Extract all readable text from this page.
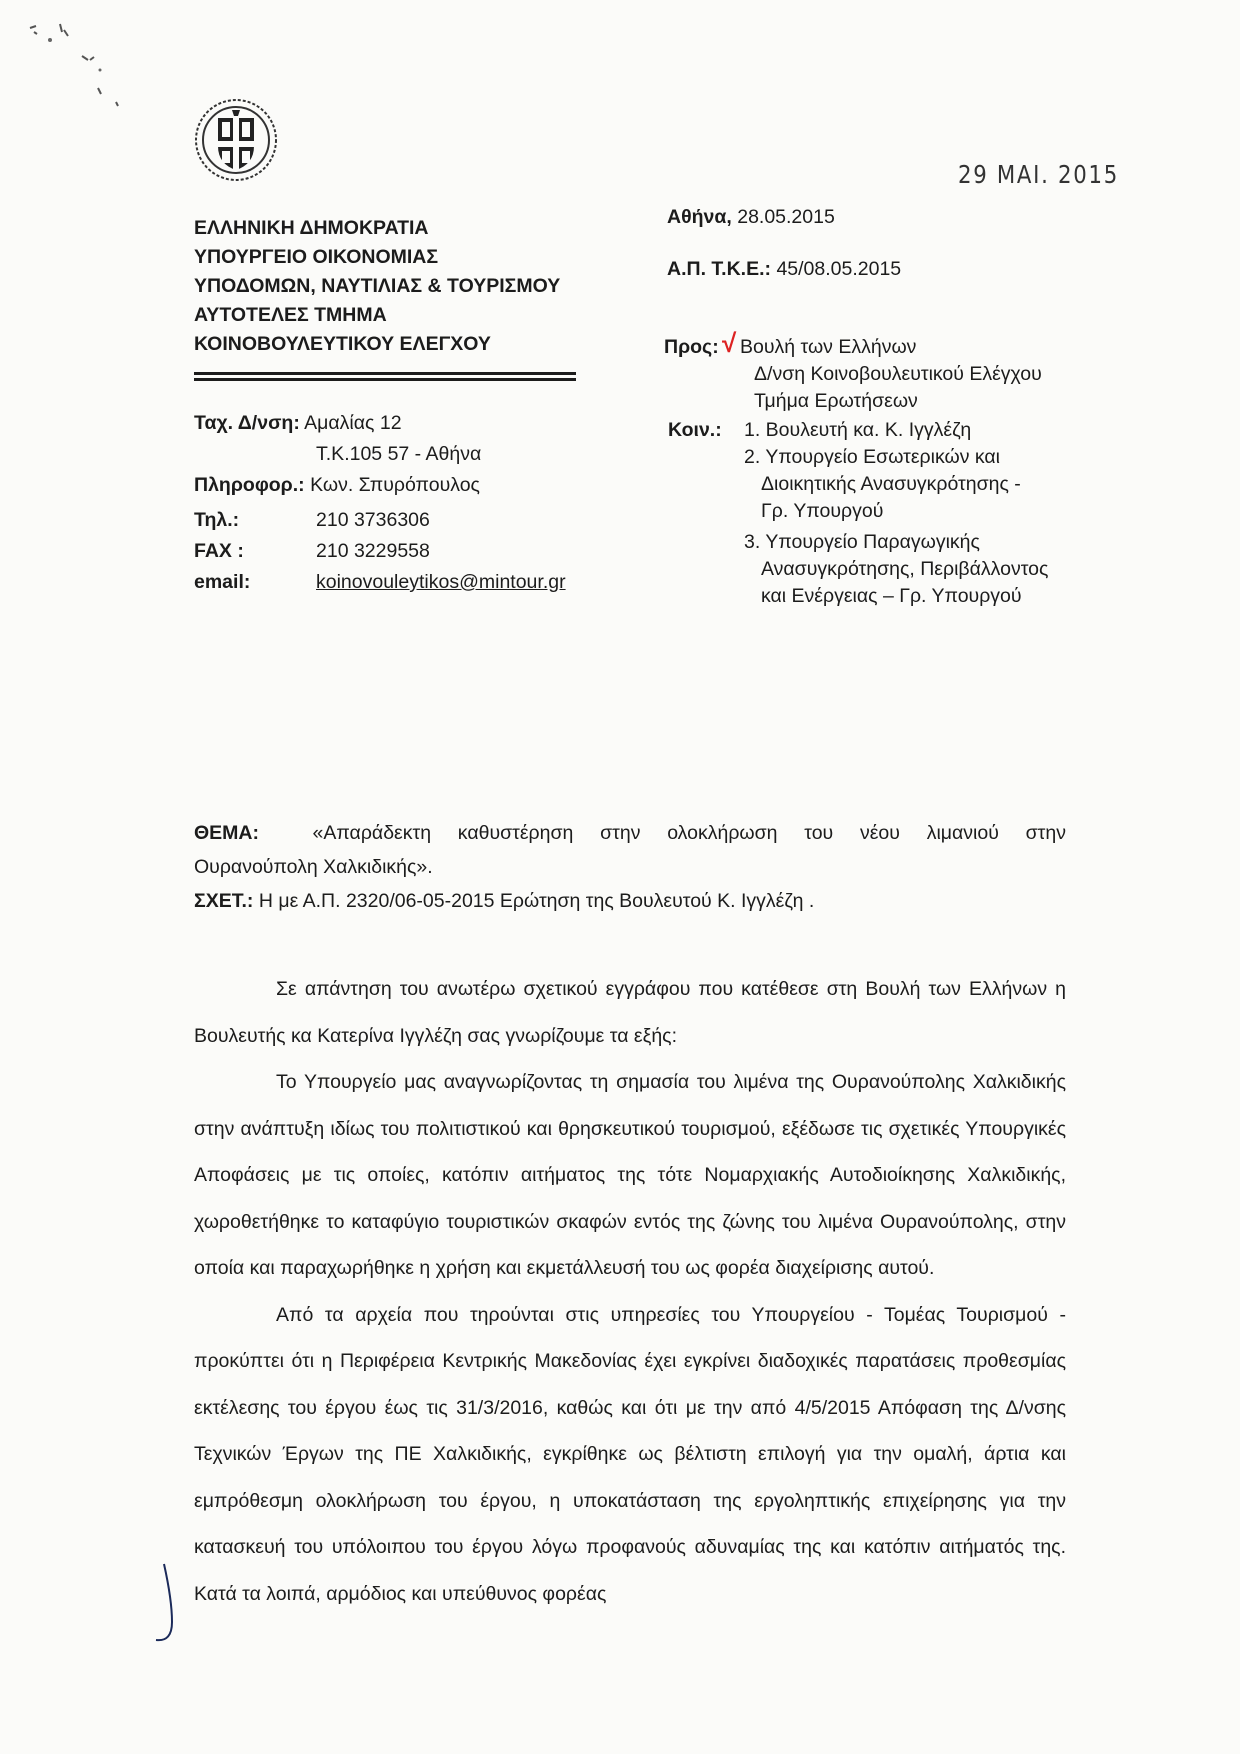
29 MAI. 2015
ΕΛΛΗΝΙΚΗ ΔΗΜΟΚΡΑΤΙΑ
ΥΠΟΥΡΓΕΙΟ ΟΙΚΟΝΟΜΙΑΣ
ΥΠΟΔΟΜΩΝ, ΝΑΥΤΙΛΙΑΣ & ΤΟΥΡΙΣΜΟΥ
ΑΥΤΟΤΕΛΕΣ ΤΜΗΜΑ
ΚΟΙΝΟΒΟΥΛΕΥΤΙΚΟΥ ΕΛΕΓΧΟΥ
Ταχ. Δ/νση: Αμαλίας 12
Τ.Κ.105 57 - Αθήνα
Πληροφορ.: Κων. Σπυρόπουλος
Τηλ.:	210 3736306
FAX :	210 3229558
email:	koinovouleytikos@mintour.gr
Αθήνα, 28.05.2015
Α.Π. Τ.Κ.Ε.: 45/08.05.2015
Προς: √ Βουλή των Ελλήνων
Δ/νση Κοινοβουλευτικού Ελέγχου
Τμήμα Ερωτήσεων
Κοιν.: 1. Βουλευτή κα. Κ. Ιγγλέζη
2. Υπουργείο Εσωτερικών και
Διοικητικής Ανασυγκρότησης -
Γρ. Υπουργού
3. Υπουργείο Παραγωγικής
Ανασυγκρότησης, Περιβάλλοντος
και Ενέργειας – Γρ. Υπουργού
ΘΕΜΑ:	«Απαράδεκτη καθυστέρηση στην ολοκλήρωση του νέου λιμανιού στην
Ουρανούπολη Χαλκιδικής».
ΣΧΕΤ.: Η με Α.Π. 2320/06-05-2015 Ερώτηση της Βουλευτού Κ. Ιγγλέζη .

Σε απάντηση του ανωτέρω σχετικού εγγράφου που κατέθεσε στη Βουλή των Ελλήνων η Βουλευτής κα Κατερίνα Ιγγλέζη σας γνωρίζουμε τα εξής:

Το Υπουργείο μας αναγνωρίζοντας τη σημασία του λιμένα της Ουρανούπολης Χαλκιδικής στην ανάπτυξη ιδίως του πολιτιστικού και θρησκευτικού τουρισμού, εξέδωσε τις σχετικές Υπουργικές Αποφάσεις με τις οποίες, κατόπιν αιτήματος της τότε Νομαρχιακής Αυτοδιοίκησης Χαλκιδικής, χωροθετήθηκε το καταφύγιο τουριστικών σκαφών εντός της ζώνης του λιμένα Ουρανούπολης, στην οποία και παραχωρήθηκε η χρήση και εκμετάλλευσή του ως φορέα διαχείρισης αυτού.

Από τα αρχεία που τηρούνται στις υπηρεσίες του Υπουργείου - Τομέας Τουρισμού - προκύπτει ότι η Περιφέρεια Κεντρικής Μακεδονίας έχει εγκρίνει διαδοχικές παρατάσεις προθεσμίας εκτέλεσης του έργου έως τις 31/3/2016, καθώς και ότι με την από 4/5/2015 Απόφαση της Δ/νσης Τεχνικών Έργων της ΠΕ Χαλκιδικής, εγκρίθηκε ως βέλτιστη επιλογή για την ομαλή, άρτια και εμπρόθεσμη ολοκλήρωση του έργου, η υποκατάσταση της εργοληπτικής επιχείρησης για την κατασκευή του υπόλοιπου του έργου λόγω προφανούς αδυναμίας της και κατόπιν αιτήματός της. Κατά τα λοιπά, αρμόδιος και υπεύθυνος φορέας
